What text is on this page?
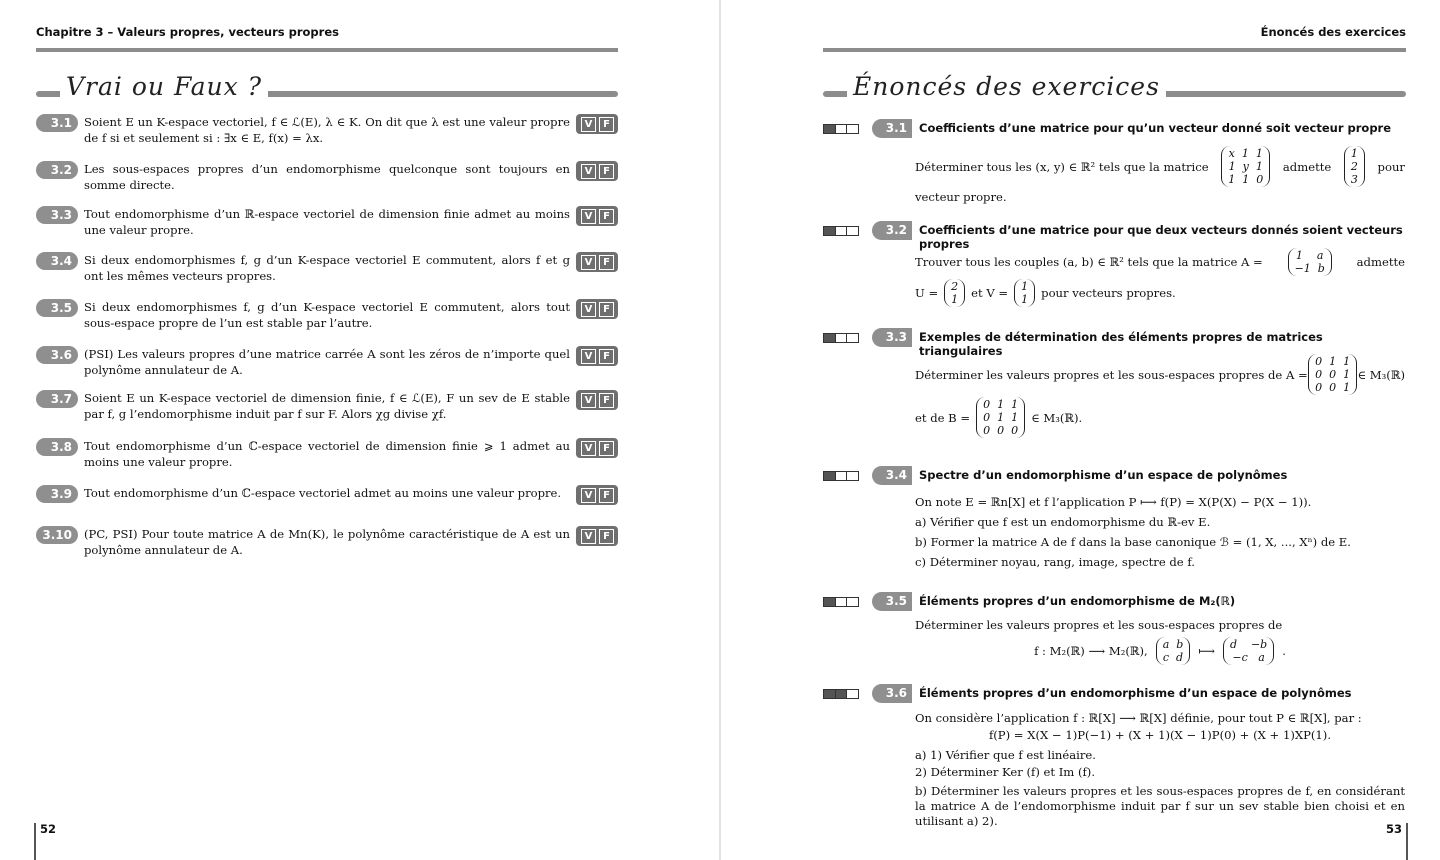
Chapitre 3 – Valeurs propres, vecteurs propres
Vrai ou Faux ?
3.1	Soient E un K-espace vectoriel, f ∈ ℒ(E), λ ∈ K. On dit que λ est une valeur propre de f si et seulement si : ∃x ∈ E, f(x) = λx.
V	F
3.2	Les sous-espaces propres d’un endomorphisme quelconque sont toujours en somme directe.
V	F
3.3	Tout endomorphisme d’un ℝ-espace vectoriel de dimension finie admet au moins une valeur propre.
V	F
3.4	Si deux endomorphismes f, g d’un K-espace vectoriel E commutent, alors f et g ont les mêmes vecteurs propres.
V	F
3.5	Si deux endomorphismes f, g d’un K-espace vectoriel E commutent, alors tout sous-espace propre de l’un est stable par l’autre.
V	F
3.6	(PSI) Les valeurs propres d’une matrice carrée A sont les zéros de n’importe quel polynôme annulateur de A.
V	F
3.7	Soient E un K-espace vectoriel de dimension finie, f ∈ ℒ(E), F un sev de E stable par f, g l’endomorphisme induit par f sur F. Alors χg divise χf.
V	F
3.8	Tout endomorphisme d’un ℂ-espace vectoriel de dimension finie ⩾ 1 admet au moins une valeur propre.
V	F
3.9	Tout endomorphisme d’un ℂ-espace vectoriel admet au moins une valeur propre.	V	F
3.10	(PC, PSI) Pour toute matrice A de Mn(K), le polynôme caractéristique de A est un polynôme annulateur de A.
V	F
52
Énoncés des exercices
Énoncés des exercices
3.1	Coefficients d’une matrice pour qu’un vecteur donné soit vecteur propre
Déterminer tous les (x, y) ∈ ℝ² tels que la matrice
x  1  1
1  y  1
1  1  0
admette
1
2
3
pour
vecteur propre.
3.2	Coefficients d’une matrice pour que deux vecteurs donnés soient vecteurs propres
Trouver tous les couples (a, b) ∈ ℝ² tels que la matrice A =	1    a
−1  b	admette
U = 2
1 et V = 1
1 pour vecteurs propres.
3.3	Exemples de détermination des éléments propres de matrices triangulaires
Déterminer les valeurs propres et les sous-espaces propres de A =
0  1  1
0  0  1
0  0  1
∈ M₃(ℝ)
et de B =
0  1  1
0  1  1
0  0  0
∈ M₃(ℝ).
3.4	Spectre d’un endomorphisme d’un espace de polynômes
On note E = ℝn[X] et f l’application P ⟼ f(P) = X(P(X) − P(X − 1)).
a) Vérifier que f est un endomorphisme du ℝ-ev E.
b) Former la matrice A de f dans la base canonique ℬ = (1, X, ..., Xⁿ) de E.
c) Déterminer noyau, rang, image, spectre de f.
3.5	Éléments propres d’un endomorphisme de M₂(ℝ)
Déterminer les valeurs propres et les sous-espaces propres de
f : M₂(ℝ) ⟶ M₂(ℝ), a  b
c  d ⟼ d    −b
−c   a .
3.6	Éléments propres d’un endomorphisme d’un espace de polynômes
On considère l’application f : ℝ[X] ⟶ ℝ[X] définie, pour tout P ∈ ℝ[X], par :
f(P) = X(X − 1)P(−1) + (X + 1)(X − 1)P(0) + (X + 1)XP(1).
a) 1) Vérifier que f est linéaire.
2) Déterminer Ker (f) et Im (f).
b) Déterminer les valeurs propres et les sous-espaces propres de f, en considérant la matrice A de l’endomorphisme induit par f sur un sev stable bien choisi et en utilisant a) 2).
53
